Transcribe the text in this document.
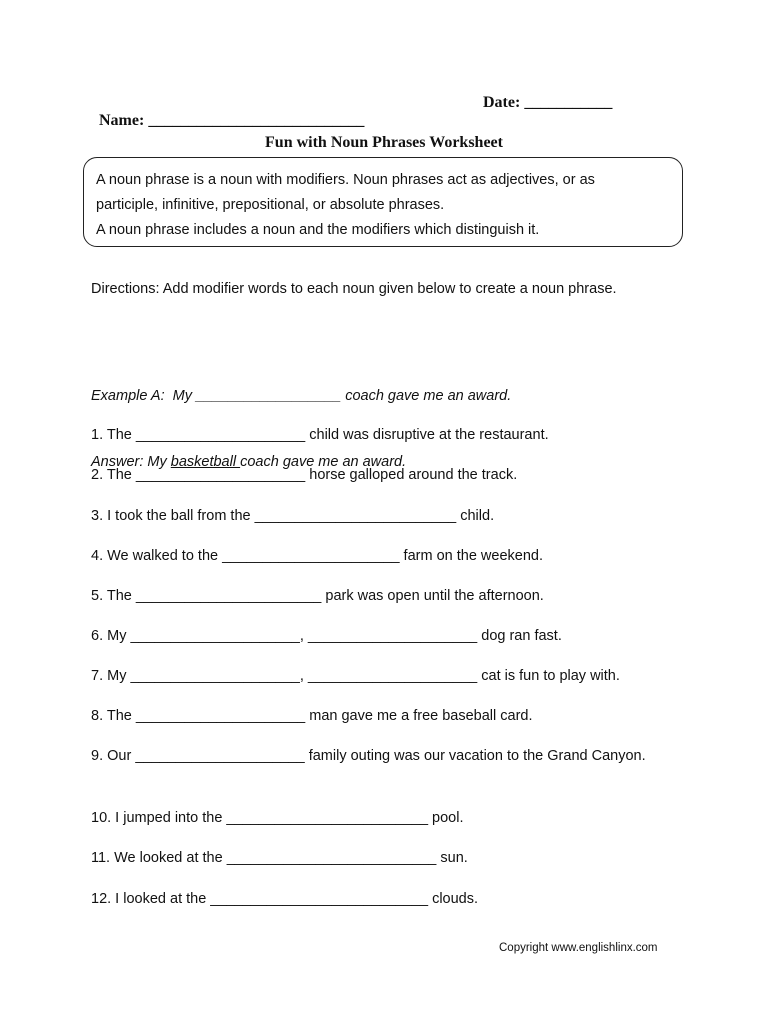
Name: ___________________________

Date: ___________

Fun with Noun Phrases Worksheet
A noun phrase is a noun with modifiers. Noun phrases act as adjectives, or as
participle, infinitive, prepositional, or absolute phrases.
A noun phrase includes a noun and the modifiers which distinguish it.
Directions: Add modifier words to each noun given below to create a noun phrase.

Example A:  My __________________ coach gave me an award.

Answer: My basketball coach gave me an award.

1. The _____________________ child was disruptive at the restaurant.
2. The _____________________ horse galloped around the track.
3. I took the ball from the _________________________ child.
4. We walked to the ______________________ farm on the weekend.
5. The _______________________ park was open until the afternoon.
6. My _____________________, _____________________ dog ran fast.
7. My _____________________, _____________________ cat is fun to play with.
8. The _____________________ man gave me a free baseball card.
9. Our _____________________ family outing was our vacation to the Grand Canyon.
10. I jumped into the _________________________ pool.
11. We looked at the __________________________ sun.
12. I looked at the ___________________________ clouds.
Copyright www.englishlinx.com
